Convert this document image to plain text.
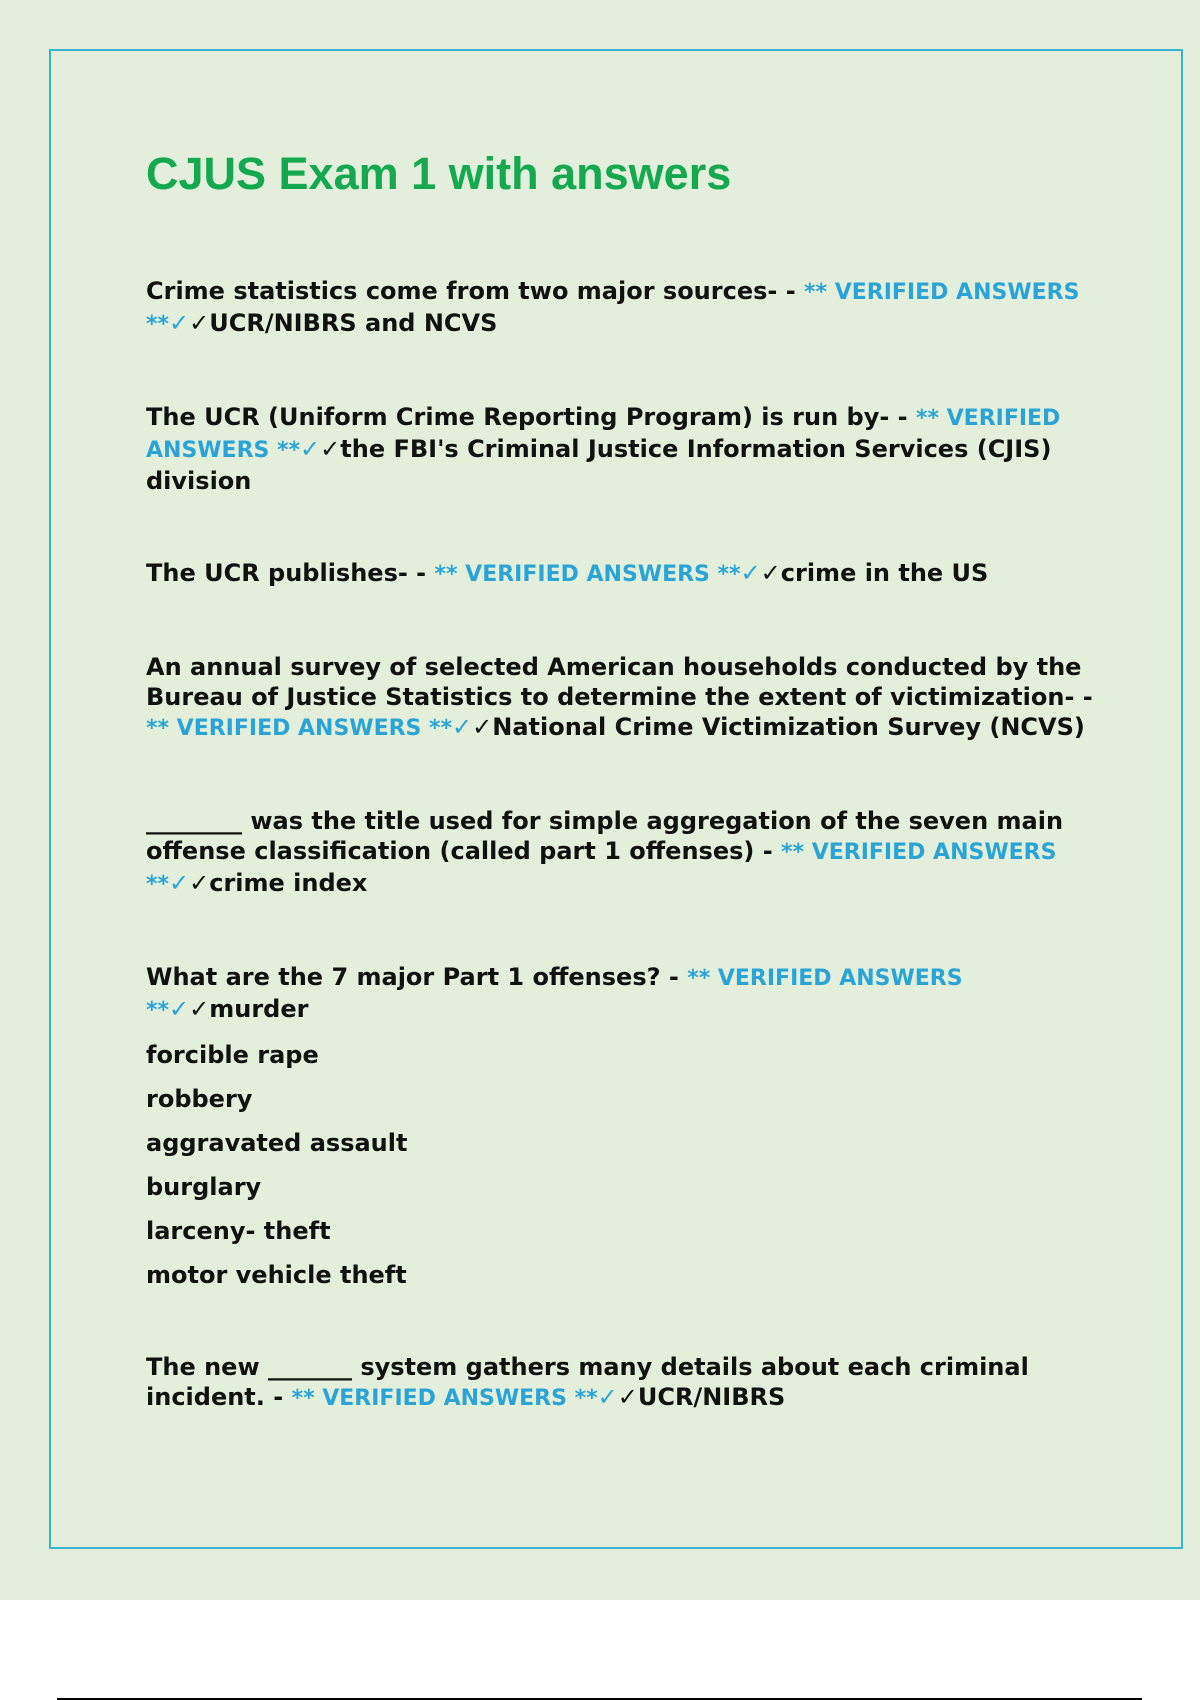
CJUS Exam 1 with answers
Crime statistics come from two major sources- - ** VERIFIED ANSWERS **✓✓UCR/NIBRS and NCVS
The UCR (Uniform Crime Reporting Program) is run by- - ** VERIFIED ANSWERS **✓✓the FBI's Criminal Justice Information Services (CJIS) division
The UCR publishes- - ** VERIFIED ANSWERS **✓✓crime in the US
An annual survey of selected American households conducted by the Bureau of Justice Statistics to determine the extent of victimization- - ** VERIFIED ANSWERS **✓✓National Crime Victimization Survey (NCVS)
________ was the title used for simple aggregation of the seven main offense classification (called part 1 offenses) - ** VERIFIED ANSWERS **✓✓crime index
What are the 7 major Part 1 offenses? - ** VERIFIED ANSWERS **✓✓murder
forcible rape
robbery
aggravated assault
burglary
larceny- theft
motor vehicle theft
The new _______ system gathers many details about each criminal incident. - ** VERIFIED ANSWERS **✓✓UCR/NIBRS
